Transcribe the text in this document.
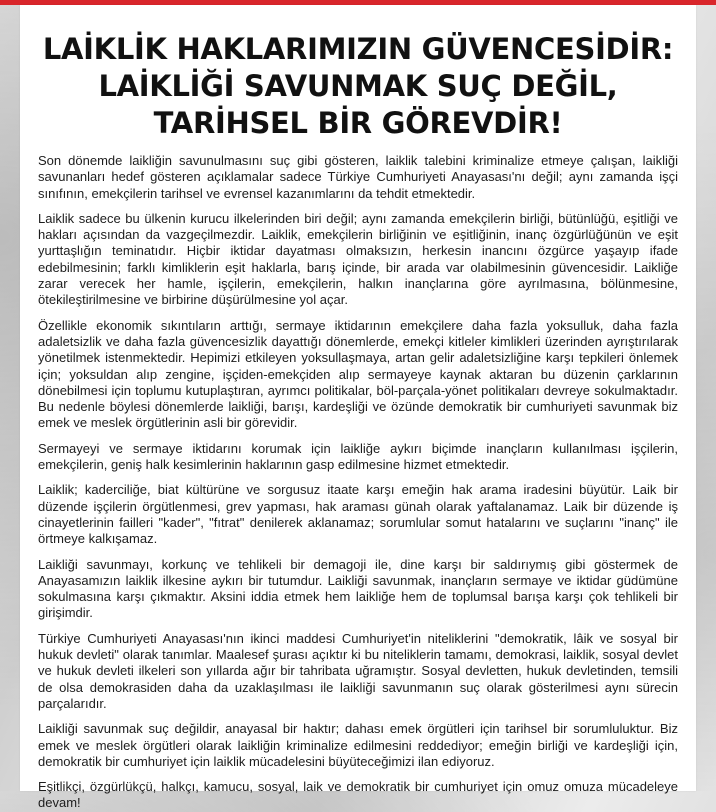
LAİKLİK HAKLARIMIZIN GÜVENCESİDİR:
LAİKLİĞİ SAVUNMAK SUÇ DEĞİL,
TARİHSEL BİR GÖREVDİR!

Son dönemde laikliğin savunulmasını suç gibi gösteren, laiklik talebini kriminalize etmeye çalışan, laikliği savunanları hedef gösteren açıklamalar sadece Türkiye Cumhuriyeti Anayasası'nı değil; aynı zamanda işçi sınıfının, emekçilerin tarihsel ve evrensel kazanımlarını da tehdit etmektedir.

Laiklik sadece bu ülkenin kurucu ilkelerinden biri değil; aynı zamanda emekçilerin birliği, bütünlüğü, eşitliği ve hakları açısından da vazgeçilmezdir. Laiklik, emekçilerin birliğinin ve eşitliğinin, inanç özgürlüğünün ve eşit yurttaşlığın teminatıdır. Hiçbir iktidar dayatması olmaksızın, herkesin inancını özgürce yaşayıp ifade edebilmesinin; farklı kimliklerin eşit haklarla, barış içinde, bir arada var olabilmesinin güvencesidir. Laikliğe zarar verecek her hamle, işçilerin, emekçilerin, halkın inançlarına göre ayrılmasına, bölünmesine, ötekileştirilmesine ve birbirine düşürülmesine yol açar.

Özellikle ekonomik sıkıntıların arttığı, sermaye iktidarının emekçilere daha fazla yoksulluk, daha fazla adaletsizlik ve daha fazla güvencesizlik dayattığı dönemlerde, emekçi kitleler kimlikleri üzerinden ayrıştırılarak yönetilmek istenmektedir. Hepimizi etkileyen yoksullaşmaya, artan gelir adaletsizliğine karşı tepkileri önlemek için; yoksuldan alıp zengine, işçiden-emekçiden alıp sermayeye kaynak aktaran bu düzenin çarklarının dönebilmesi için toplumu kutuplaştıran, ayrımcı politikalar, böl-parçala-yönet politikaları devreye sokulmaktadır. Bu nedenle böylesi dönemlerde laikliği, barışı, kardeşliği ve özünde demokratik bir cumhuriyeti savunmak biz emek ve meslek örgütlerinin asli bir görevidir.

Sermayeyi ve sermaye iktidarını korumak için laikliğe aykırı biçimde inançların kullanılması işçilerin, emekçilerin, geniş halk kesimlerinin haklarının gasp edilmesine hizmet etmektedir.

Laiklik; kaderciliğe, biat kültürüne ve sorgusuz itaate karşı emeğin hak arama iradesini büyütür. Laik bir düzende işçilerin örgütlenmesi, grev yapması, hak araması günah olarak yaftalanamaz. Laik bir düzende iş cinayetlerinin failleri "kader", "fıtrat" denilerek aklanamaz; sorumlular somut hatalarını ve suçlarını "inanç" ile örtmeye kalkışamaz.

Laikliği savunmayı, korkunç ve tehlikeli bir demagoji ile, dine karşı bir saldırıymış gibi göstermek de Anayasamızın laiklik ilkesine aykırı bir tutumdur. Laikliği savunmak, inançların sermaye ve iktidar güdümüne sokulmasına karşı çıkmaktır. Aksini iddia etmek hem laikliğe hem de toplumsal barışa karşı çok tehlikeli bir girişimdir.

Türkiye Cumhuriyeti Anayasası'nın ikinci maddesi Cumhuriyet'in niteliklerini "demokratik, lâik ve sosyal bir hukuk devleti" olarak tanımlar. Maalesef şurası açıktır ki bu niteliklerin tamamı, demokrasi, laiklik, sosyal devlet ve hukuk devleti ilkeleri son yıllarda ağır bir tahribata uğramıştır. Sosyal devletten, hukuk devletinden, temsili de olsa demokrasiden daha da uzaklaşılması ile laikliği savunmanın suç olarak gösterilmesi aynı sürecin parçalarıdır.

Laikliği savunmak suç değildir, anayasal bir haktır; dahası emek örgütleri için tarihsel bir sorumluluktur. Biz emek ve meslek örgütleri olarak laikliğin kriminalize edilmesini reddediyor; emeğin birliği ve kardeşliği için, demokratik bir cumhuriyet için laiklik mücadelesini büyüteceğimizi ilan ediyoruz.

Eşitlikçi, özgürlükçü, halkçı, kamucu, sosyal, laik ve demokratik bir cumhuriyet için omuz omuza mücadeleye devam!
